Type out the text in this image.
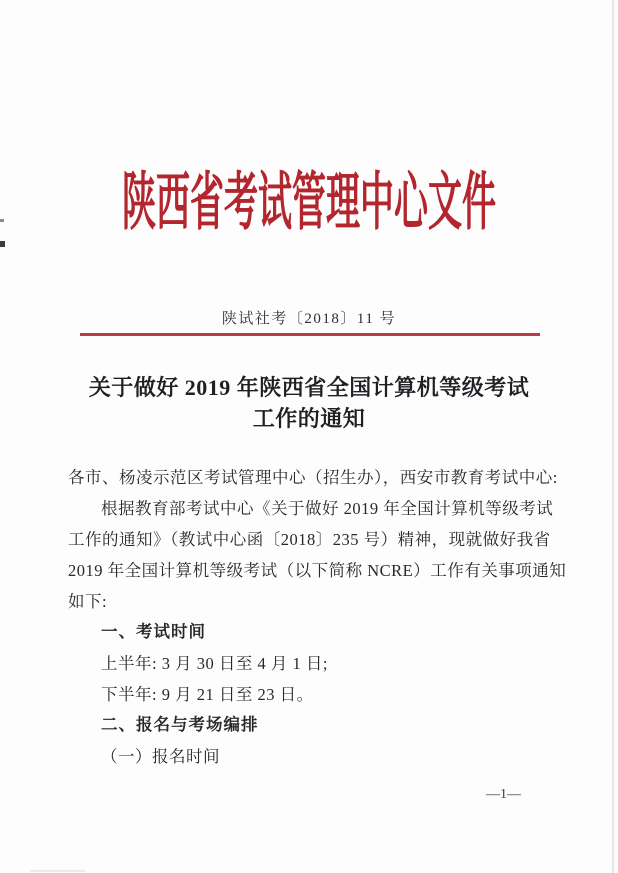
陕西省考试管理中心文件
陕试社考〔2018〕11 号
关于做好 2019 年陕西省全国计算机等级考试
工作的通知

各市、杨凌示范区考试管理中心（招生办），西安市教育考试中心:

根据教育部考试中心《关于做好 2019 年全国计算机等级考试

工作的通知》（教试中心函〔2018〕235 号）精神，现就做好我省

2019 年全国计算机等级考试（以下简称 NCRE）工作有关事项通知

如下:

一、考试时间

上半年: 3 月 30 日至 4 月 1 日;

下半年: 9 月 21 日至 23 日。

二、报名与考场编排

（一）报名时间

—1—
